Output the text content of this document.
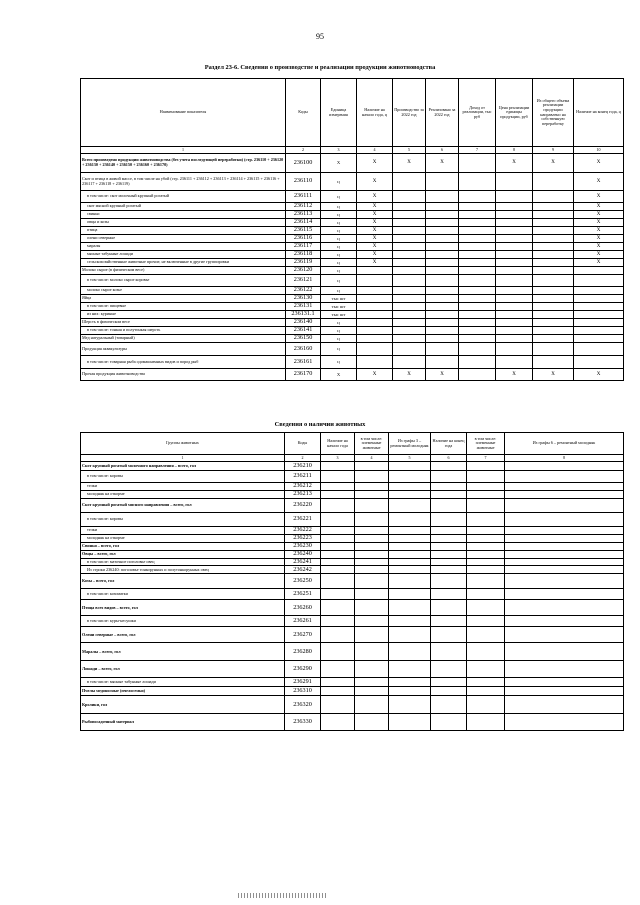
95
Раздел 23-6. Сведения о производстве и реализации продукции животноводства
Наименование показателя	Коды	Единица измерения	Наличие на начало года, ц	Производство за 2022 год	Реализовано за 2022 год	Доход от реализации, тыс руб	Цена реализации единицы продукции, руб	Из общего объема реализации продукции направлено на собственную переработку	Наличие на конец года, ц
1	2	3	4	5	6	7	8	9	10
Всего произведено продукции животноводства (без учета последующей переработки) (стр. 236110 + 236120 + 236130 + 236140 + 236150 + 236160 + 236170)	236100	X	X	X	X		X	X	X
Скот и птица в живой массе, в том числе на убой (стр. 236111 + 236112 + 236113 + 236114 + 236115 + 236116 + 236117 + 236118 + 236119)	236110	ц	X						X
в том числе: скот молочный крупный рогатый	236111	ц	X						X
скот мясной крупный рогатый	236112	ц	X						X
свиньи	236113	ц	X						X
овцы и козы	236114	ц	X						X
птица	236115	ц	X						X
олени северные	236116	ц	X						X
маралы	236117	ц	X						X
мясные табунные лошади	236118	ц	X						X
сельскохозяйственные животные прочие, не включенные в другие группировки	236119	ц	X						X
Молоко сырое (в физическом весе)	236120	ц							
в том числе: молоко сырое коровье	236121	ц							
молоко сырое козье	236122	ц							
Яйца	236130	тыс шт							
в том числе: пищевые	236131	тыс шт							
из них: куриные	236131.1	тыс шт							
Шерсть в физическом весе	236140	ц							
в том числе: тонкая и полутонкая шерсть	236141	ц							
Мед натуральный (товарный)	236150	ц							
Продукция аквакультуры	236160	ц							
в том числе: товарная рыба одомашненных видов и пород рыб	236161	ц							
Прочая продукция животноводства	236170	X	X	X	X		X	X	X
Сведения о наличии животных
Группы животных	Коды	Наличие на начало года	в том числе: племенные животные	Из графы 3 – ремонтный молодняк	Наличие на конец года	в том числе: племенные животные	Из графы 6 – ремонтный молодняк
1	2	3	4	5	6	7	8
Скот крупный рогатый молочного направления – всего, гол	236210						
в том числе: коровы	236211						
телки	236212						
молодняк на откорме	236213						
Скот крупный рогатый мясного направления – всего, гол	236220						
в том числе: коровы	236221						
телки	236222						
молодняк на откорме	236223						
Свиньи – всего, гол	236230						
Овцы – всего, гол	236240						
в том числе: маточное поголовье овец	236241						
Из строки 236240: поголовье тонкорунных и полутонкорунных овец	236242						
Козы – всего, гол	236250						
в том числе: козоматки	236251						
Птица всех видов – всего, гол	236260						
в том числе: куры-несушки	236261						
Олени северные – всего, гол	236270						
Маралы – всего, гол	236280						
Лошади – всего, гол	236290						
в том числе: мясные табунные лошади	236291						
Пчелы медоносные (пчелосемьи)	236310						
Кролики, гол	236320						
Рыбопосадочный материал	236330						
